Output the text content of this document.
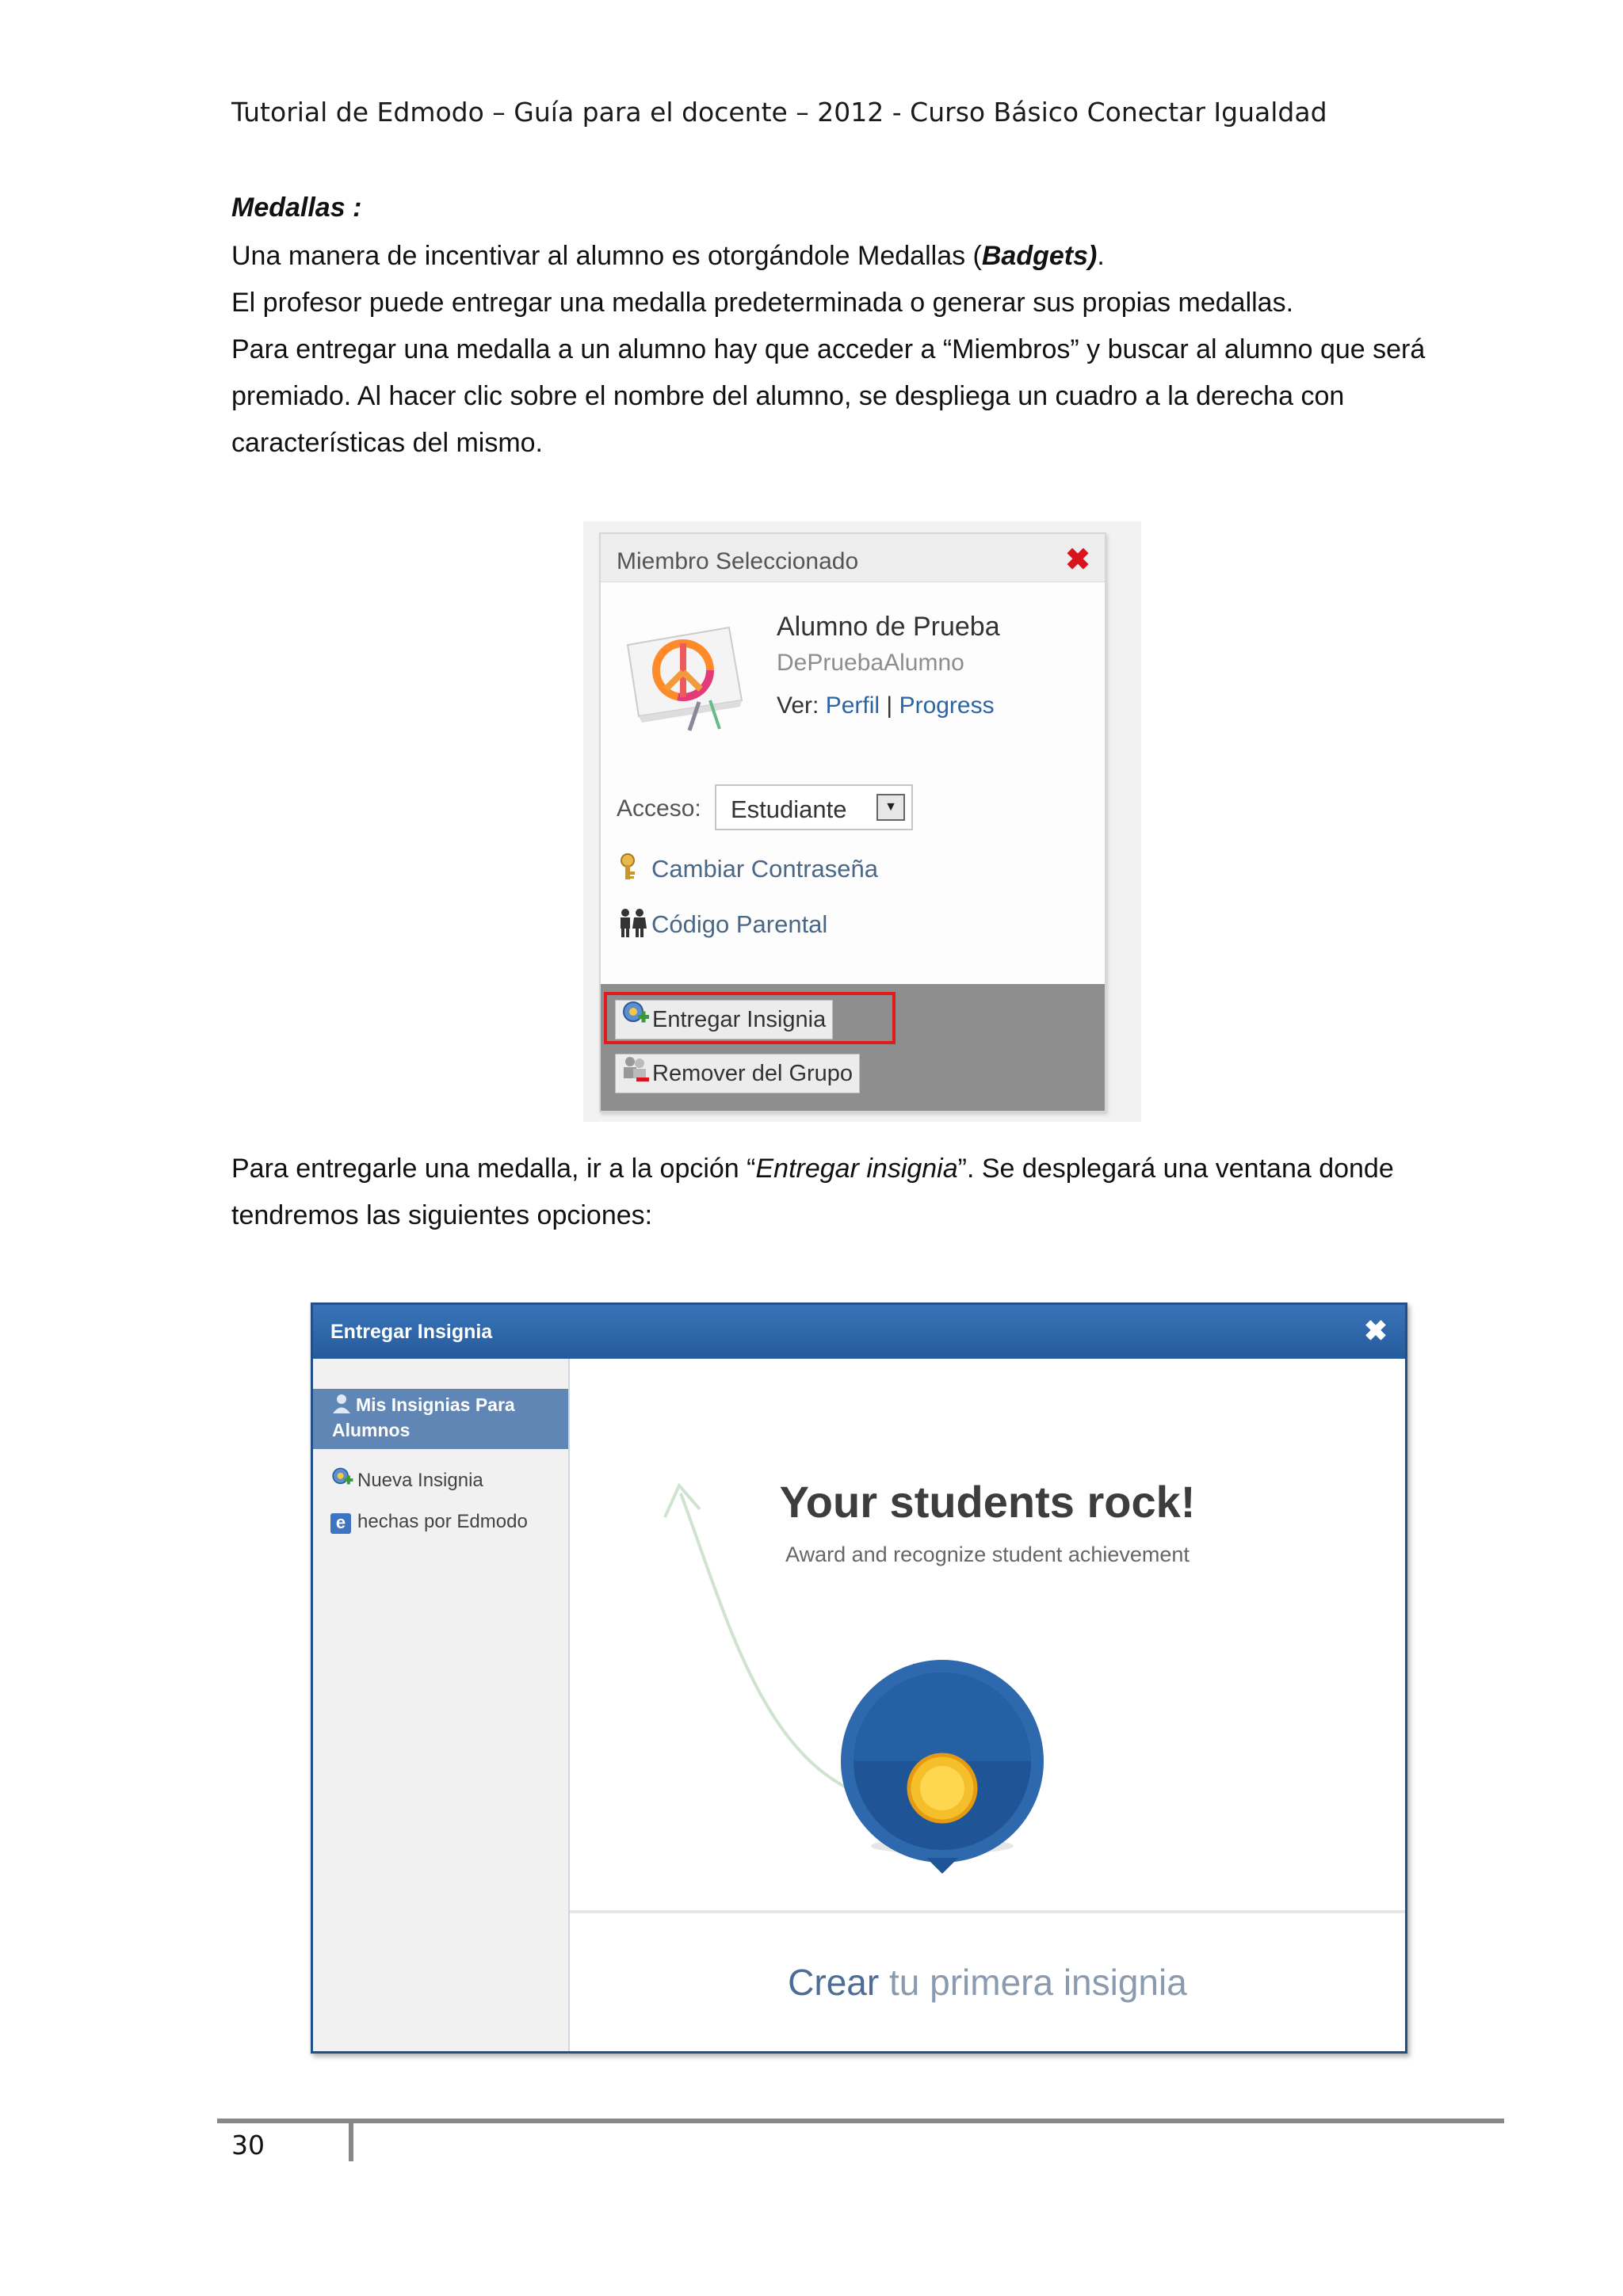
Tutorial de Edmodo – Guía para el docente – 2012 - Curso Básico Conectar Igualdad
Medallas :

Una manera de incentivar al alumno es otorgándole Medallas (Badgets).

El profesor puede entregar una medalla predeterminada o generar sus propias medallas.

Para entregar una medalla a un alumno hay que acceder a “Miembros” y buscar al alumno que será premiado. Al hacer clic sobre el nombre del alumno, se despliega un cuadro a la derecha con características del mismo.

Miembro Seleccionado	✖
Alumno de Prueba
DePruebaAlumno
Ver: Perfil | Progress
Acceso: Estudiante	▼
Cambiar Contraseña
Código Parental
Entregar Insignia
Remover del Grupo

Para entregarle una medalla, ir a la opción “Entregar insignia”. Se desplegará una ventana donde tendremos las siguientes opciones:

Entregar Insignia	✖
Mis Insignias Para Alumnos
Nueva Insignia
e hechas por Edmodo	Your students rock!
Award and recognize student achievement
Crear tu primera insignia
30
